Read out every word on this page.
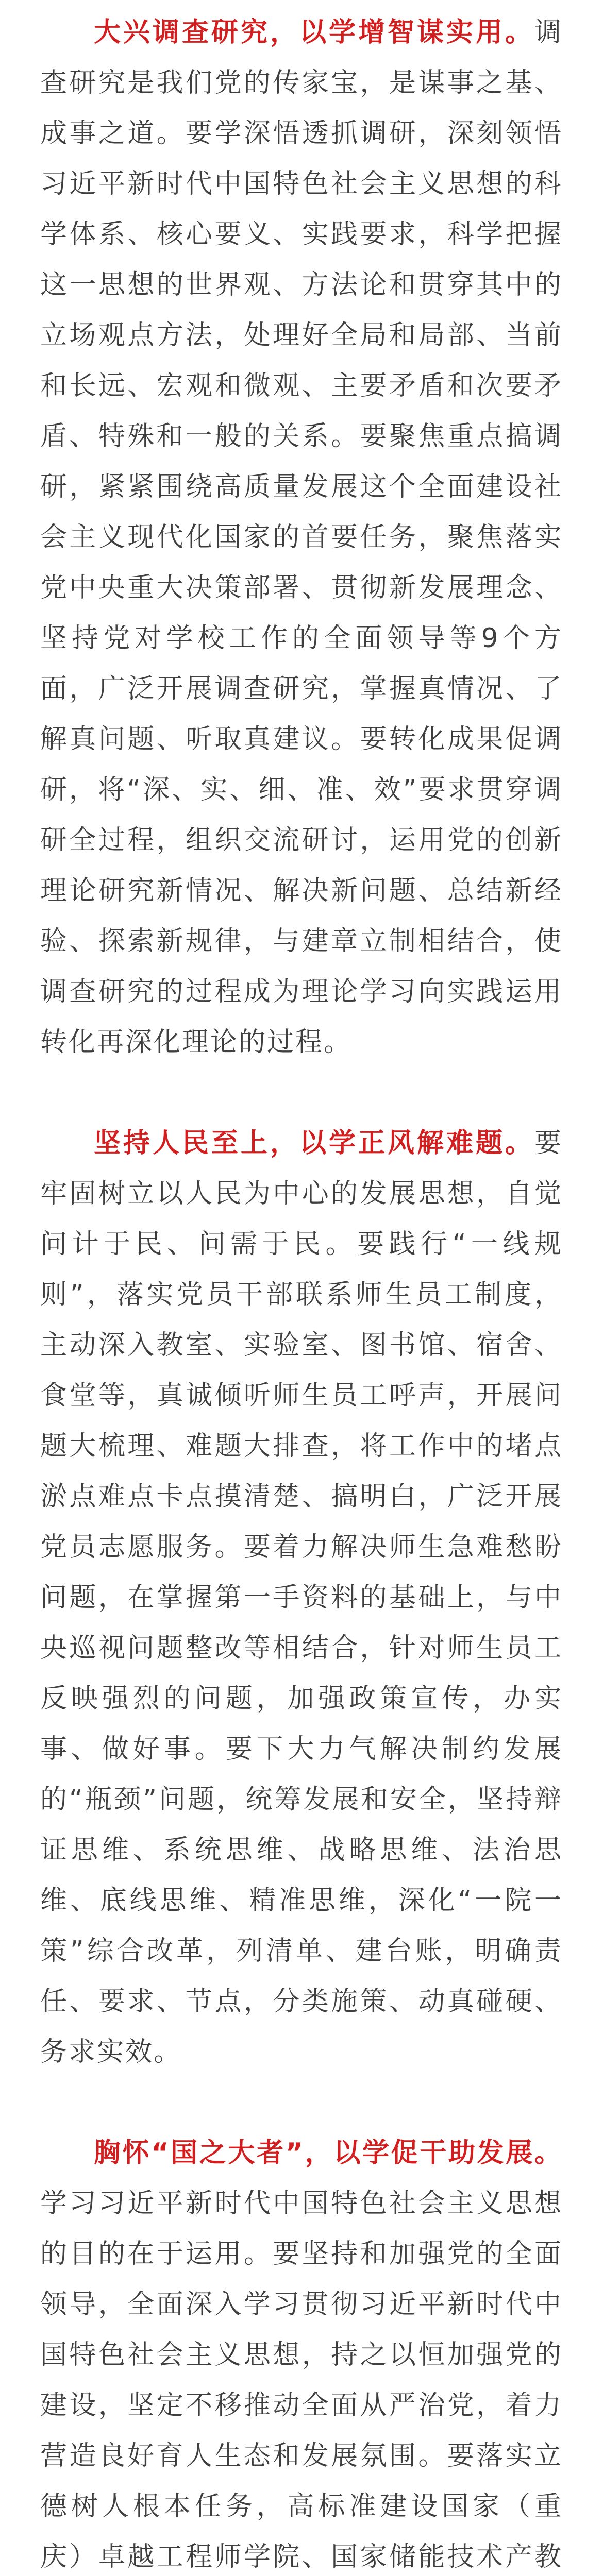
大兴调查研究，以学增智谋实用。调查研究是我们党的传家宝，是谋事之基、成事之道。要学深悟透抓调研，深刻领悟习近平新时代中国特色社会主义思想的科学体系、核心要义、实践要求，科学把握这一思想的世界观、方法论和贯穿其中的立场观点方法，处理好全局和局部、当前和长远、宏观和微观、主要矛盾和次要矛盾、特殊和一般的关系。要聚焦重点搞调研，紧紧围绕高质量发展这个全面建设社会主义现代化国家的首要任务，聚焦落实党中央重大决策部署、贯彻新发展理念、坚持党对学校工作的全面领导等9个方面，广泛开展调查研究，掌握真情况、了解真问题、听取真建议。要转化成果促调研，将“深、实、细、准、效”要求贯穿调研全过程，组织交流研讨，运用党的创新理论研究新情况、解决新问题、总结新经验、探索新规律，与建章立制相结合，使调查研究的过程成为理论学习向实践运用转化再深化理论的过程。

坚持人民至上，以学正风解难题。要牢固树立以人民为中心的发展思想，自觉问计于民、问需于民。要践行“一线规则”，落实党员干部联系师生员工制度，主动深入教室、实验室、图书馆、宿舍、食堂等，真诚倾听师生员工呼声，开展问题大梳理、难题大排查，将工作中的堵点淤点难点卡点摸清楚、搞明白，广泛开展党员志愿服务。要着力解决师生急难愁盼问题，在掌握第一手资料的基础上，与中央巡视问题整改等相结合，针对师生员工反映强烈的问题，加强政策宣传，办实事、做好事。要下大力气解决制约发展的“瓶颈”问题，统筹发展和安全，坚持辩证思维、系统思维、战略思维、法治思维、底线思维、精准思维，深化“一院一策”综合改革，列清单、建台账，明确责任、要求、节点，分类施策、动真碰硬、务求实效。

胸怀“国之大者”，以学促干助发展。学习习近平新时代中国特色社会主义思想的目的在于运用。要坚持和加强党的全面领导，全面深入学习贯彻习近平新时代中国特色社会主义思想，持之以恒加强党的建设，坚定不移推动全面从严治党，着力营造良好育人生态和发展氛围。要落实立德树人根本任务，高标准建设国家（重庆）卓越工程师学院、国家储能技术产教
